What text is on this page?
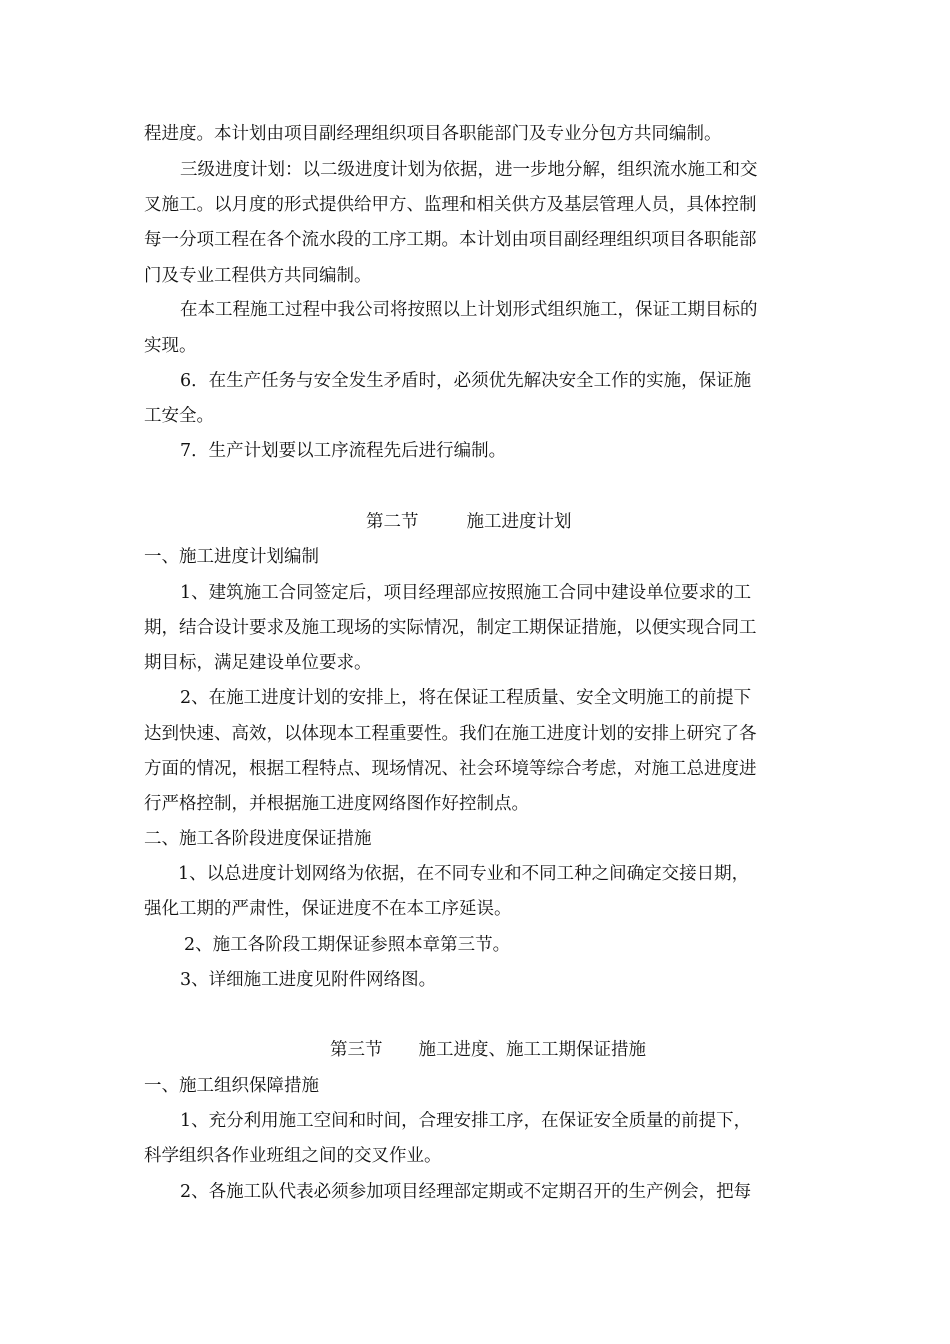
程进度。本计划由项目副经理组织项目各职能部门及专业分包方共同编制。
三级进度计划：以二级进度计划为依据，进一步地分解，组织流水施工和交
叉施工。以月度的形式提供给甲方、监理和相关供方及基层管理人员，具体控制
每一分项工程在各个流水段的工序工期。本计划由项目副经理组织项目各职能部
门及专业工程供方共同编制。
在本工程施工过程中我公司将按照以上计划形式组织施工，保证工期目标的
实现。
6．在生产任务与安全发生矛盾时，必须优先解决安全工作的实施，保证施
工安全。
7．生产计划要以工序流程先后进行编制。
第二节	施工进度计划
一、施工进度计划编制
1、建筑施工合同签定后，项目经理部应按照施工合同中建设单位要求的工
期，结合设计要求及施工现场的实际情况，制定工期保证措施，以便实现合同工
期目标，满足建设单位要求。
2、在施工进度计划的安排上，将在保证工程质量、安全文明施工的前提下
达到快速、高效，以体现本工程重要性。我们在施工进度计划的安排上研究了各
方面的情况，根据工程特点、现场情况、社会环境等综合考虑，对施工总进度进
行严格控制，并根据施工进度网络图作好控制点。
二、施工各阶段进度保证措施
1、以总进度计划网络为依据，在不同专业和不同工种之间确定交接日期，
强化工期的严肃性，保证进度不在本工序延误。
2、施工各阶段工期保证参照本章第三节。
3、详细施工进度见附件网络图。
第三节 施工进度、施工工期保证措施
一、施工组织保障措施
1、充分利用施工空间和时间，合理安排工序，在保证安全质量的前提下，
科学组织各作业班组之间的交叉作业。
2、各施工队代表必须参加项目经理部定期或不定期召开的生产例会，把每
